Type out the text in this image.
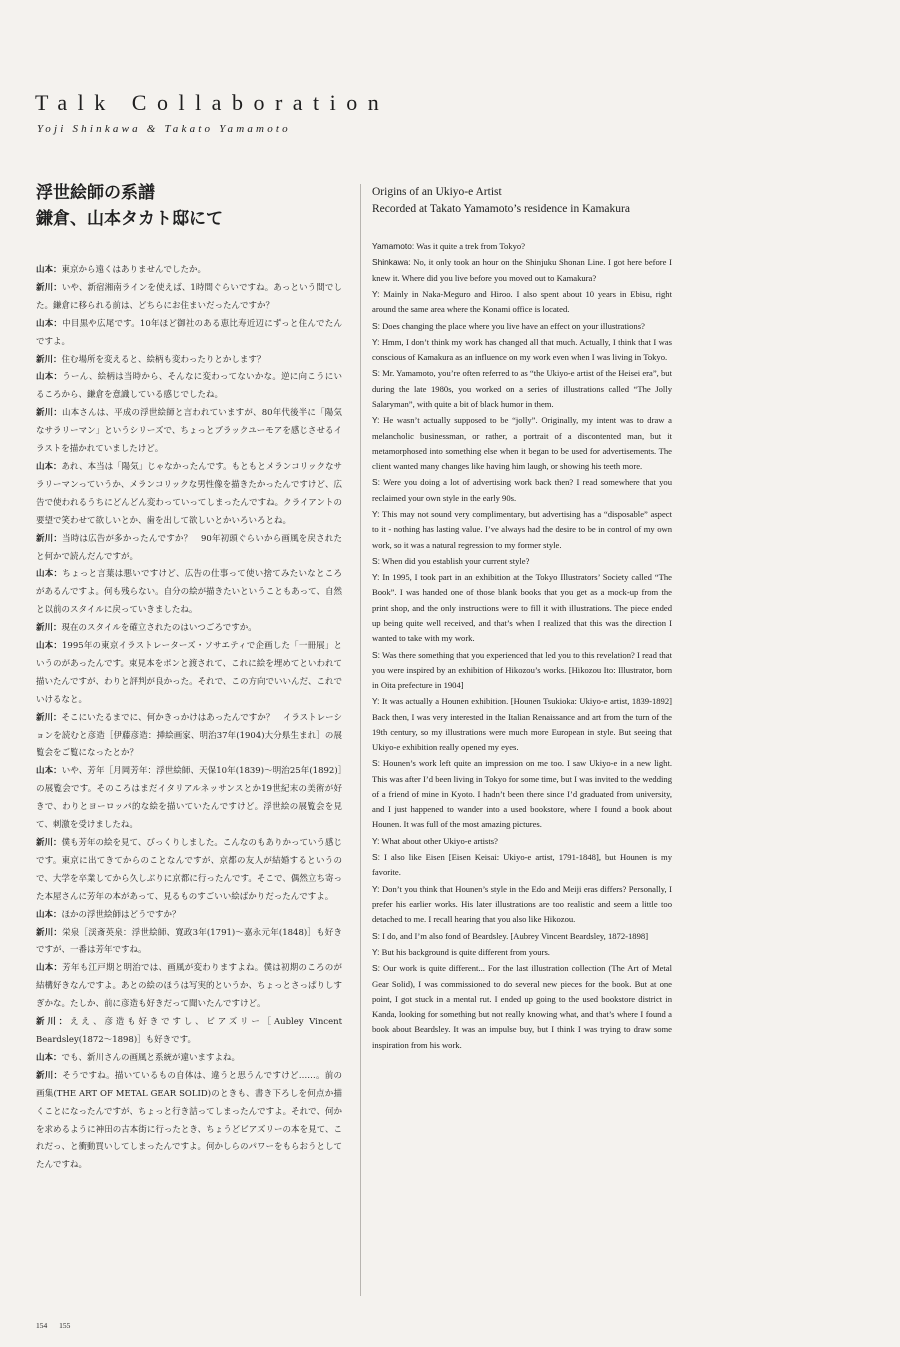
Talk Collaboration
Yoji Shinkawa & Takato Yamamoto
浮世絵師の系譜
鎌倉、山本タカト邸にて

山本：東京から遠くはありませんでしたか。

新川：いや、新宿湘南ラインを使えば、1時間ぐらいですね。あっという間でした。鎌倉に移られる前は、どちらにお住まいだったんですか？

山本：中目黒や広尾です。10年ほど御社のある恵比寿近辺にずっと住んでたんですよ。

新川：住む場所を変えると、絵柄も変わったりとかします？

山本：うーん、絵柄は当時から、そんなに変わってないかな。逆に向こうにいるころから、鎌倉を意識している感じでしたね。

新川：山本さんは、平成の浮世絵師と言われていますが、80年代後半に「陽気なサラリーマン」というシリーズで、ちょっとブラックユーモアを感じさせるイラストを描かれていましたけど。

山本：あれ、本当は「陽気」じゃなかったんです。もともとメランコリックなサラリーマンっていうか、メランコリックな男性像を描きたかったんですけど、広告で使われるうちにどんどん変わっていってしまったんですね。クライアントの要望で笑わせて欲しいとか、歯を出して欲しいとかいろいろとね。

新川：当時は広告が多かったんですか？　90年初頭ぐらいから画風を戻されたと何かで読んだんですが。

山本：ちょっと言葉は悪いですけど、広告の仕事って使い捨てみたいなところがあるんですよ。何も残らない。自分の絵が描きたいということもあって、自然と以前のスタイルに戻っていきましたね。

新川：現在のスタイルを確立されたのはいつごろですか。

山本：1995年の東京イラストレーターズ・ソサエティで企画した「一冊展」というのがあったんです。束見本をポンと渡されて、これに絵を埋めてといわれて描いたんですが、わりと評判が良かった。それで、この方向でいいんだ、これでいけるなと。

新川：そこにいたるまでに、何かきっかけはあったんですか？　イラストレーションを読むと彦造［伊藤彦造：挿絵画家、明治37年(1904)大分県生まれ］の展覧会をご覧になったとか？

山本：いや、芳年［月岡芳年：浮世絵師、天保10年(1839)～明治25年(1892)］の展覧会です。そのころはまだイタリアルネッサンスとか19世紀末の美術が好きで、わりとヨーロッパ的な絵を描いていたんですけど。浮世絵の展覧会を見て、刺激を受けましたね。

新川：僕も芳年の絵を見て、びっくりしました。こんなのもありかっていう感じです。東京に出てきてからのことなんですが、京都の友人が結婚するというので、大学を卒業してから久しぶりに京都に行ったんです。そこで、偶然立ち寄った本屋さんに芳年の本があって、見るものすごいい絵ばかりだったんですよ。

山本：ほかの浮世絵師はどうですか？

新川：栄泉［渓斎英泉：浮世絵師、寛政3年(1791)～嘉永元年(1848)］も好きですが、一番は芳年ですね。

山本：芳年も江戸期と明治では、画風が変わりますよね。僕は初期のころのが結構好きなんですよ。あとの絵のほうは写実的というか、ちょっとさっぱりしすぎかな。たしか、前に彦造も好きだって聞いたんですけど。

新川：ええ、彦造も好きですし、ビアズリー［Aubley Vincent Beardsley(1872～1898)］も好きです。

山本：でも、新川さんの画風と系統が違いますよね。

新川：そうですね。描いているもの自体は、違うと思うんですけど……。前の画集(THE ART OF METAL GEAR SOLID)のときも、書き下ろしを何点か描くことになったんですが、ちょっと行き詰ってしまったんですよ。それで、何かを求めるように神田の古本街に行ったとき、ちょうどビアズリーの本を見て、これだっ、と衝動買いしてしまったんですよ。何かしらのパワーをもらおうとしてたんですね。

Origins of an Ukiyo-e Artist
Recorded at Takato Yamamoto’s residence in Kamakura

Yamamoto: Was it quite a trek from Tokyo?

Shinkawa: No, it only took an hour on the Shinjuku Shonan Line. I got here before I knew it. Where did you live before you moved out to Kamakura?

Y: Mainly in Naka-Meguro and Hiroo. I also spent about 10 years in Ebisu, right around the same area where the Konami office is located.

S: Does changing the place where you live have an effect on your illustrations?

Y: Hmm, I don’t think my work has changed all that much. Actually, I think that I was conscious of Kamakura as an influence on my work even when I was living in Tokyo.

S: Mr. Yamamoto, you’re often referred to as “the Ukiyo-e artist of the Heisei era”, but during the late 1980s, you worked on a series of illustrations called “The Jolly Salaryman”, with quite a bit of black humor in them.

Y: He wasn’t actually supposed to be “jolly”. Originally, my intent was to draw a melancholic businessman, or rather, a portrait of a discontented man, but it metamorphosed into something else when it began to be used for advertisements. The client wanted many changes like having him laugh, or showing his teeth more.

S: Were you doing a lot of advertising work back then? I read somewhere that you reclaimed your own style in the early 90s.

Y: This may not sound very complimentary, but advertising has a “disposable” aspect to it - nothing has lasting value. I’ve always had the desire to be in control of my own work, so it was a natural regression to my former style.

S: When did you establish your current style?

Y: In 1995, I took part in an exhibition at the Tokyo Illustrators’ Society called “The Book”. I was handed one of those blank books that you get as a mock-up from the print shop, and the only instructions were to fill it with illustrations. The piece ended up being quite well received, and that’s when I realized that this was the direction I wanted to take with my work.

S: Was there something that you experienced that led you to this revelation? I read that you were inspired by an exhibition of Hikozou’s works. [Hikozou Ito: Illustrator, born in Oita prefecture in 1904]

Y: It was actually a Hounen exhibition. [Hounen Tsukioka: Ukiyo-e artist, 1839-1892] Back then, I was very interested in the Italian Renaissance and art from the turn of the 19th century, so my illustrations were much more European in style. But seeing that Ukiyo-e exhibition really opened my eyes.

S: Hounen’s work left quite an impression on me too. I saw Ukiyo-e in a new light. This was after I’d been living in Tokyo for some time, but I was invited to the wedding of a friend of mine in Kyoto. I hadn’t been there since I’d graduated from university, and I just happened to wander into a used bookstore, where I found a book about Hounen. It was full of the most amazing pictures.

Y: What about other Ukiyo-e artists?

S: I also like Eisen [Eisen Keisai: Ukiyo-e artist, 1791-1848], but Hounen is my favorite.

Y: Don’t you think that Hounen’s style in the Edo and Meiji eras differs? Personally, I prefer his earlier works. His later illustrations are too realistic and seem a little too detached to me. I recall hearing that you also like Hikozou.

S: I do, and I’m also fond of Beardsley. [Aubrey Vincent Beardsley, 1872-1898]

Y: But his background is quite different from yours.

S: Our work is quite different... For the last illustration collection (The Art of Metal Gear Solid), I was commissioned to do several new pieces for the book. But at one point, I got stuck in a mental rut. I ended up going to the used bookstore district in Kanda, looking for something but not really knowing what, and that’s where I found a book about Beardsley. It was an impulse buy, but I think I was trying to draw some inspiration from his work.

154 155
